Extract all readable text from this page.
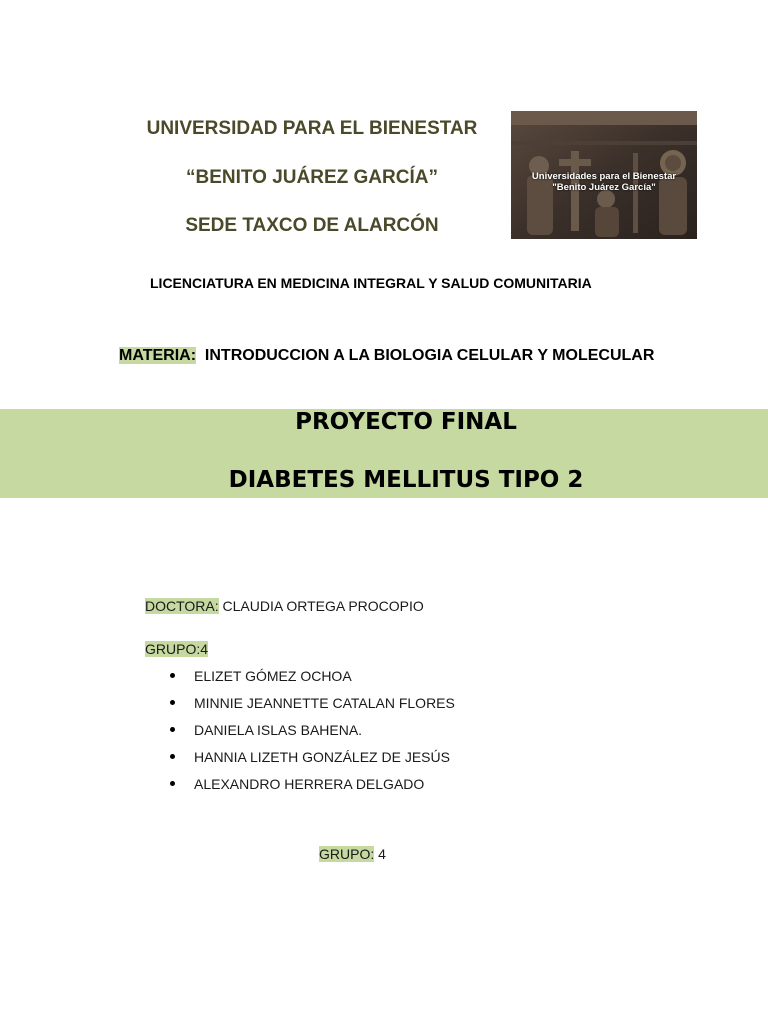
UNIVERSIDAD PARA EL BIENESTAR
“BENITO JUÁREZ GARCÍA”
SEDE TAXCO DE ALARCÓN
Universidades para el Bienestar
"Benito Juárez García"
LICENCIATURA EN MEDICINA INTEGRAL Y SALUD COMUNITARIA
MATERIA: INTRODUCCION A LA BIOLOGIA CELULAR Y MOLECULAR
PROYECTO FINAL
DIABETES MELLITUS TIPO 2
DOCTORA: CLAUDIA ORTEGA PROCOPIO
GRUPO:4
ELIZET GÓMEZ OCHOA
MINNIE JEANNETTE CATALAN FLORES
DANIELA ISLAS BAHENA.
HANNIA LIZETH GONZÁLEZ DE JESÚS
ALEXANDRO HERRERA DELGADO
GRUPO: 4
